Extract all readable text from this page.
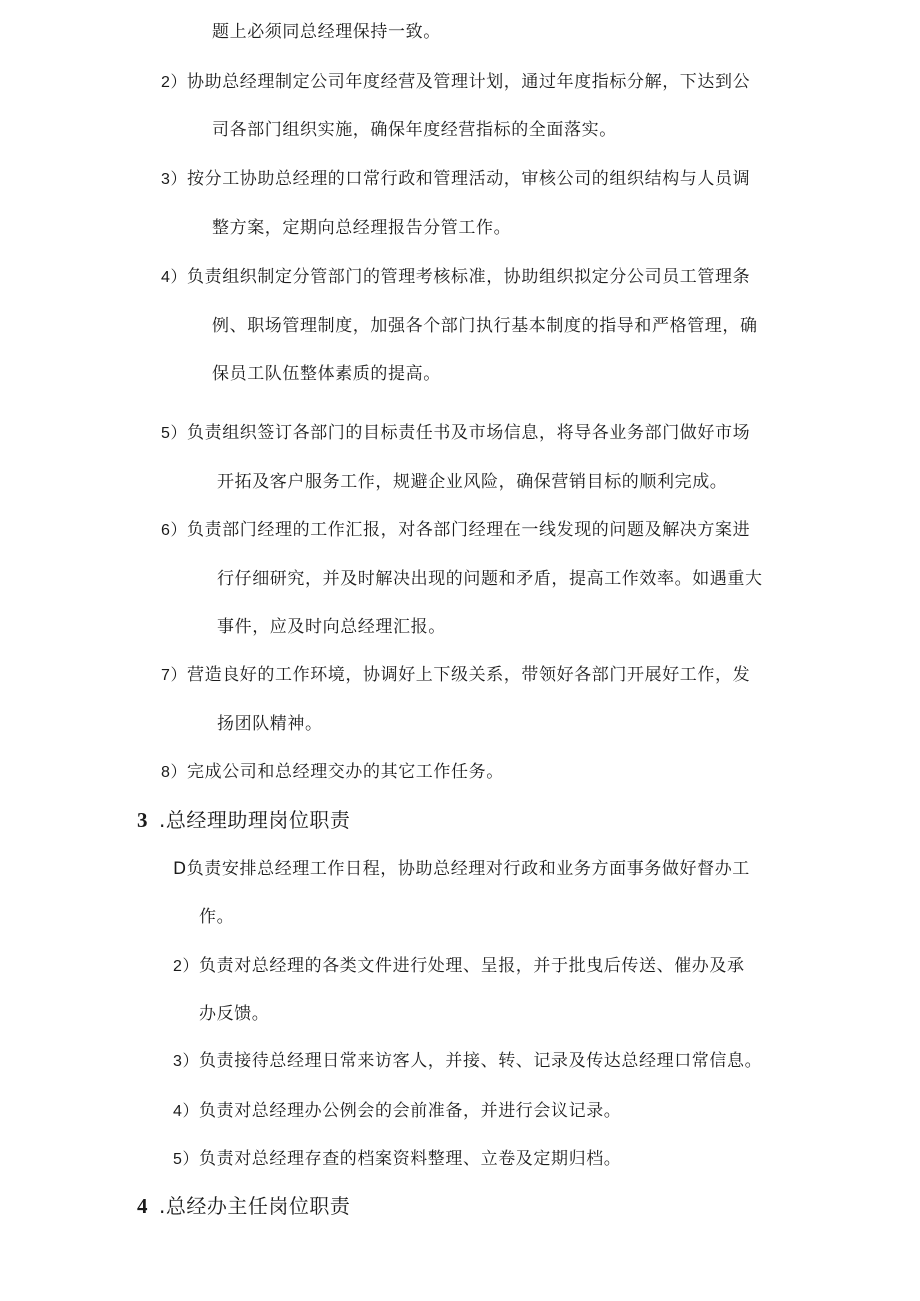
题上必须同总经理保持一致。
2）协助总经理制定公司年度经营及管理计划，通过年度指标分解，下达到公
司各部门组织实施，确保年度经营指标的全面落实。
3）按分工协助总经理的口常行政和管理活动，审核公司的组织结构与人员调
整方案，定期向总经理报告分管工作。
4）负责组织制定分管部门的管理考核标准，协助组织拟定分公司员工管理条
例、职场管理制度，加强各个部门执行基本制度的指导和严格管理，确
保员工队伍整体素质的提高。
5）负责组织签订各部门的目标责任书及市场信息，将导各业务部门做好市场
开拓及客户服务工作，规避企业风险，确保营销目标的顺利完成。
6）负责部门经理的工作汇报，对各部门经理在一线发现的问题及解决方案进
行仔细研究，并及时解决出现的问题和矛盾，提高工作效率。如遇重大
事件，应及时向总经理汇报。
7）营造良好的工作环境，协调好上下级关系，带领好各部门开展好工作，发
扬团队精神。
8）完成公司和总经理交办的其它工作任务。
3 .总经理助理岗位职责
D负责安排总经理工作日程，协助总经理对行政和业务方面事务做好督办工
作。
2）负责对总经理的各类文件进行处理、呈报，并于批曳后传送、催办及承
办反馈。
3）负责接待总经理日常来访客人，并接、转、记录及传达总经理口常信息。
4）负责对总经理办公例会的会前准备，并进行会议记录。
5）负责对总经理存查的档案资料整理、立卷及定期归档。
4 .总经办主任岗位职责
